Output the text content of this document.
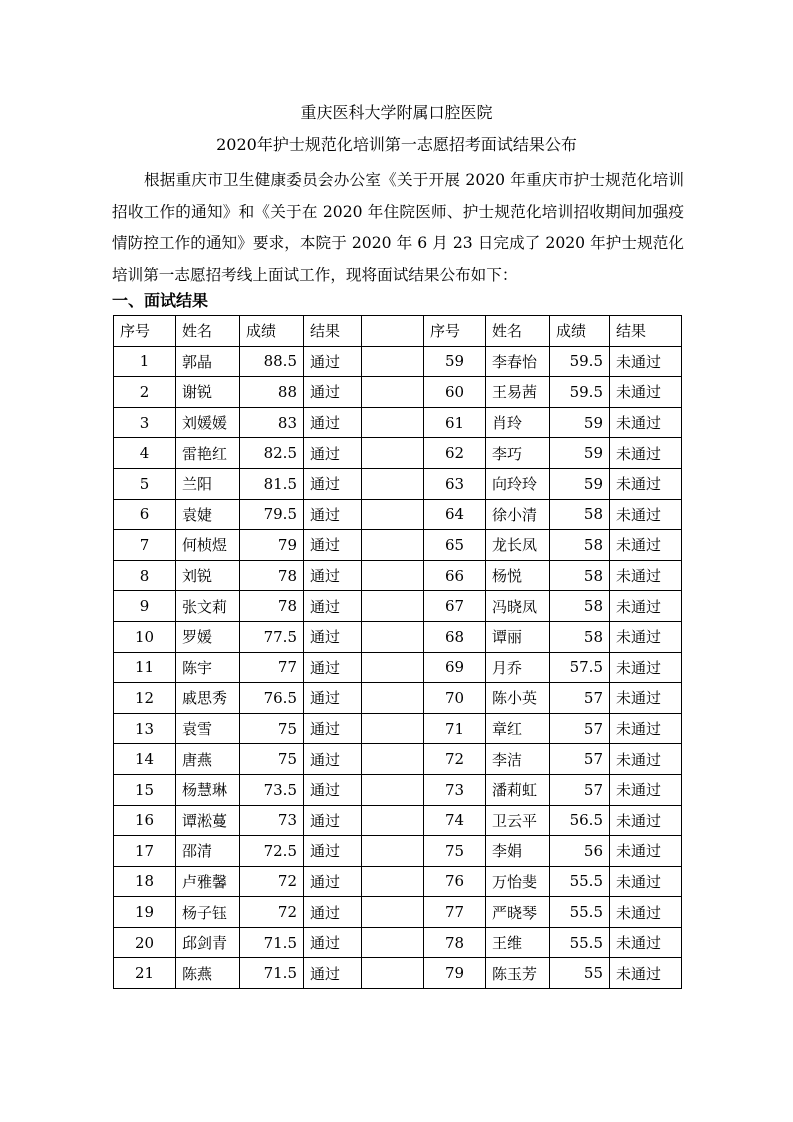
重庆医科大学附属口腔医院
2020年护士规范化培训第一志愿招考面试结果公布

根据重庆市卫生健康委员会办公室《关于开展 2020 年重庆市护士规范化培训招收工作的通知》和《关于在 2020 年住院医师、护士规范化培训招收期间加强疫情防控工作的通知》要求，本院于 2020 年 6 月 23 日完成了 2020 年护士规范化培训第一志愿招考线上面试工作，现将面试结果公布如下：

一、面试结果
序号	姓名	成绩	结果		序号	姓名	成绩	结果
1	郭晶	88.5	通过		59	李春怡	59.5	未通过
2	谢锐	88	通过		60	王易茜	59.5	未通过
3	刘媛媛	83	通过		61	肖玲	59	未通过
4	雷艳红	82.5	通过		62	李巧	59	未通过
5	兰阳	81.5	通过		63	向玲玲	59	未通过
6	袁婕	79.5	通过		64	徐小清	58	未通过
7	何桢煜	79	通过		65	龙长凤	58	未通过
8	刘锐	78	通过		66	杨悦	58	未通过
9	张文莉	78	通过		67	冯晓凤	58	未通过
10	罗媛	77.5	通过		68	谭丽	58	未通过
11	陈宇	77	通过		69	月乔	57.5	未通过
12	戚思秀	76.5	通过		70	陈小英	57	未通过
13	袁雪	75	通过		71	章红	57	未通过
14	唐燕	75	通过		72	李洁	57	未通过
15	杨慧琳	73.5	通过		73	潘莉虹	57	未通过
16	谭淞蔓	73	通过		74	卫云平	56.5	未通过
17	邵清	72.5	通过		75	李娟	56	未通过
18	卢雅馨	72	通过		76	万怡斐	55.5	未通过
19	杨子钰	72	通过		77	严晓琴	55.5	未通过
20	邱剑青	71.5	通过		78	王维	55.5	未通过
21	陈燕	71.5	通过		79	陈玉芳	55	未通过
